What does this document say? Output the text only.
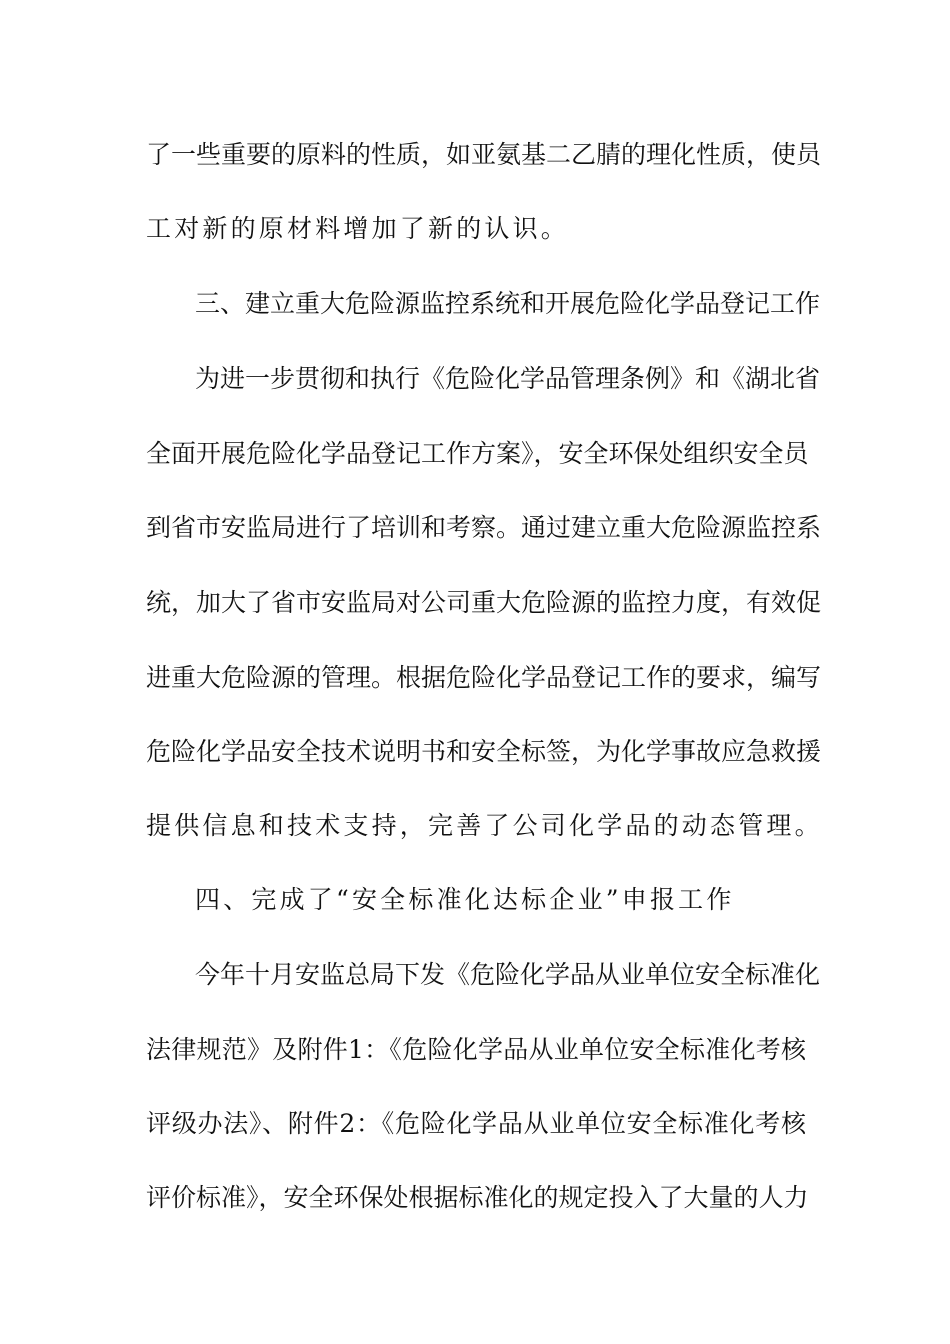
了一些重要的原料的性质，如亚氨基二乙腈的理化性质，使员
工对新的原材料增加了新的认识。
三、建立重大危险源监控系统和开展危险化学品登记工作
为进一步贯彻和执行《危险化学品管理条例》和《湖北省
全面开展危险化学品登记工作方案》，安全环保处组织安全员
到省市安监局进行了培训和考察。通过建立重大危险源监控系
统，加大了省市安监局对公司重大危险源的监控力度，有效促
进重大危险源的管理。根据危险化学品登记工作的要求，编写
危险化学品安全技术说明书和安全标签，为化学事故应急救援
提供信息和技术支持，完善了公司化学品的动态管理。
四、完成了“安全标准化达标企业”申报工作
今年十月安监总局下发《危险化学品从业单位安全标准化
法律规范》及附件1：《危险化学品从业单位安全标准化考核
评级办法》、附件2：《危险化学品从业单位安全标准化考核
评价标准》，安全环保处根据标准化的规定投入了大量的人力
